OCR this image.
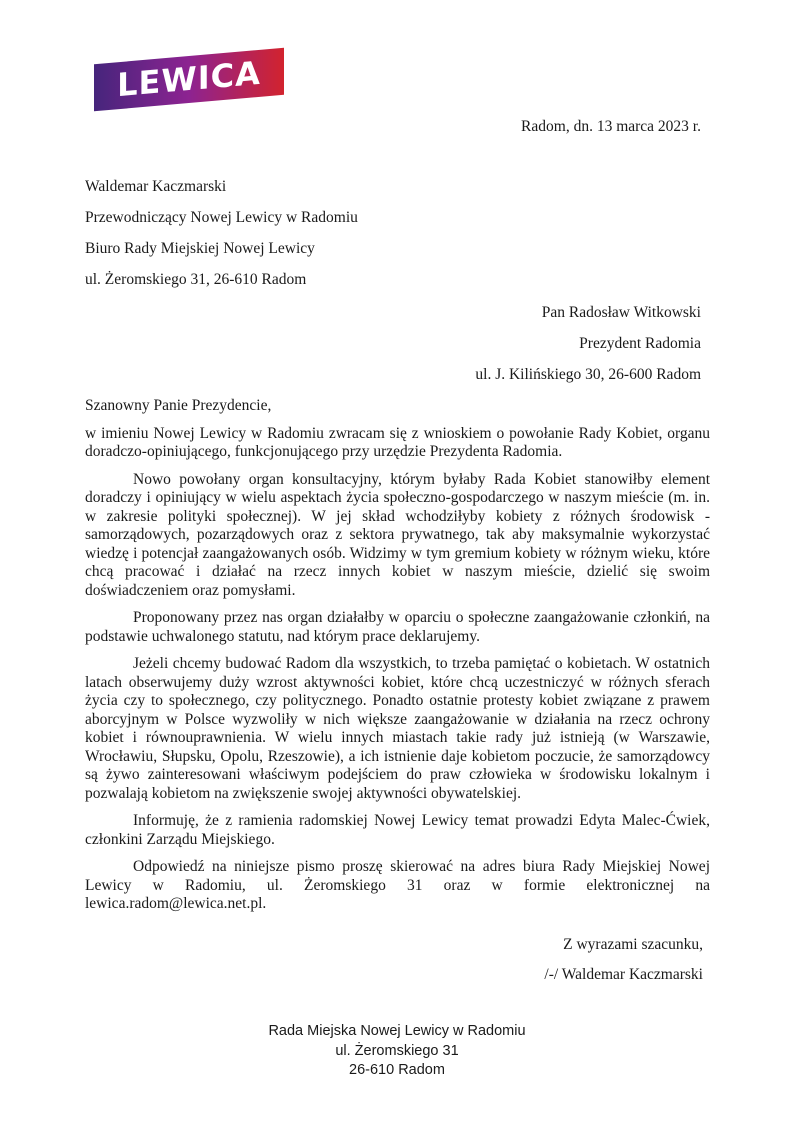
LEWICA
Radom, dn. 13 marca 2023 r.

Waldemar Kaczmarski

Przewodniczący Nowej Lewicy w Radomiu

Biuro Rady Miejskiej Nowej Lewicy

ul. Żeromskiego 31, 26-610 Radom

Pan Radosław Witkowski

Prezydent Radomia

ul. J. Kilińskiego 30, 26-600 Radom

Szanowny Panie Prezydencie,

w imieniu Nowej Lewicy w Radomiu zwracam się z wnioskiem o powołanie Rady Kobiet, organu doradczo-opiniującego, funkcjonującego przy urzędzie Prezydenta Radomia.

Nowo powołany organ konsultacyjny, którym byłaby Rada Kobiet stanowiłby element doradczy i opiniujący w wielu aspektach życia społeczno-gospodarczego w naszym mieście (m. in. w zakresie polityki społecznej). W jej skład wchodziłyby kobiety z różnych środowisk - samorządowych, pozarządowych oraz z sektora prywatnego, tak aby maksymalnie wykorzystać wiedzę i potencjał zaangażowanych osób. Widzimy w tym gremium kobiety w różnym wieku, które chcą pracować i działać na rzecz innych kobiet w naszym mieście, dzielić się swoim doświadczeniem oraz pomysłami.

Proponowany przez nas organ działałby w oparciu o społeczne zaangażowanie członkiń, na podstawie uchwalonego statutu, nad którym prace deklarujemy.

Jeżeli chcemy budować Radom dla wszystkich, to trzeba pamiętać o kobietach. W ostatnich latach obserwujemy duży wzrost aktywności kobiet, które chcą uczestniczyć w różnych sferach życia czy to społecznego, czy politycznego. Ponadto ostatnie protesty kobiet związane z prawem aborcyjnym w Polsce wyzwoliły w nich większe zaangażowanie w działania na rzecz ochrony kobiet i równouprawnienia. W wielu innych miastach takie rady już istnieją (w Warszawie, Wrocławiu, Słupsku, Opolu, Rzeszowie), a ich istnienie daje kobietom poczucie, że samorządowcy są żywo zainteresowani właściwym podejściem do praw człowieka w środowisku lokalnym i pozwalają kobietom na zwiększenie swojej aktywności obywatelskiej.

Informuję, że z ramienia radomskiej Nowej Lewicy temat prowadzi Edyta Malec-Ćwiek, członkini Zarządu Miejskiego.

Odpowiedź na niniejsze pismo proszę skierować na adres biura Rady Miejskiej Nowej Lewicy w Radomiu, ul. Żeromskiego 31 oraz w formie elektronicznej na lewica.radom@lewica.net.pl.

Z wyrazami szacunku,

/-/ Waldemar Kaczmarski

Rada Miejska Nowej Lewicy w Radomiu

ul. Żeromskiego 31

26-610 Radom
